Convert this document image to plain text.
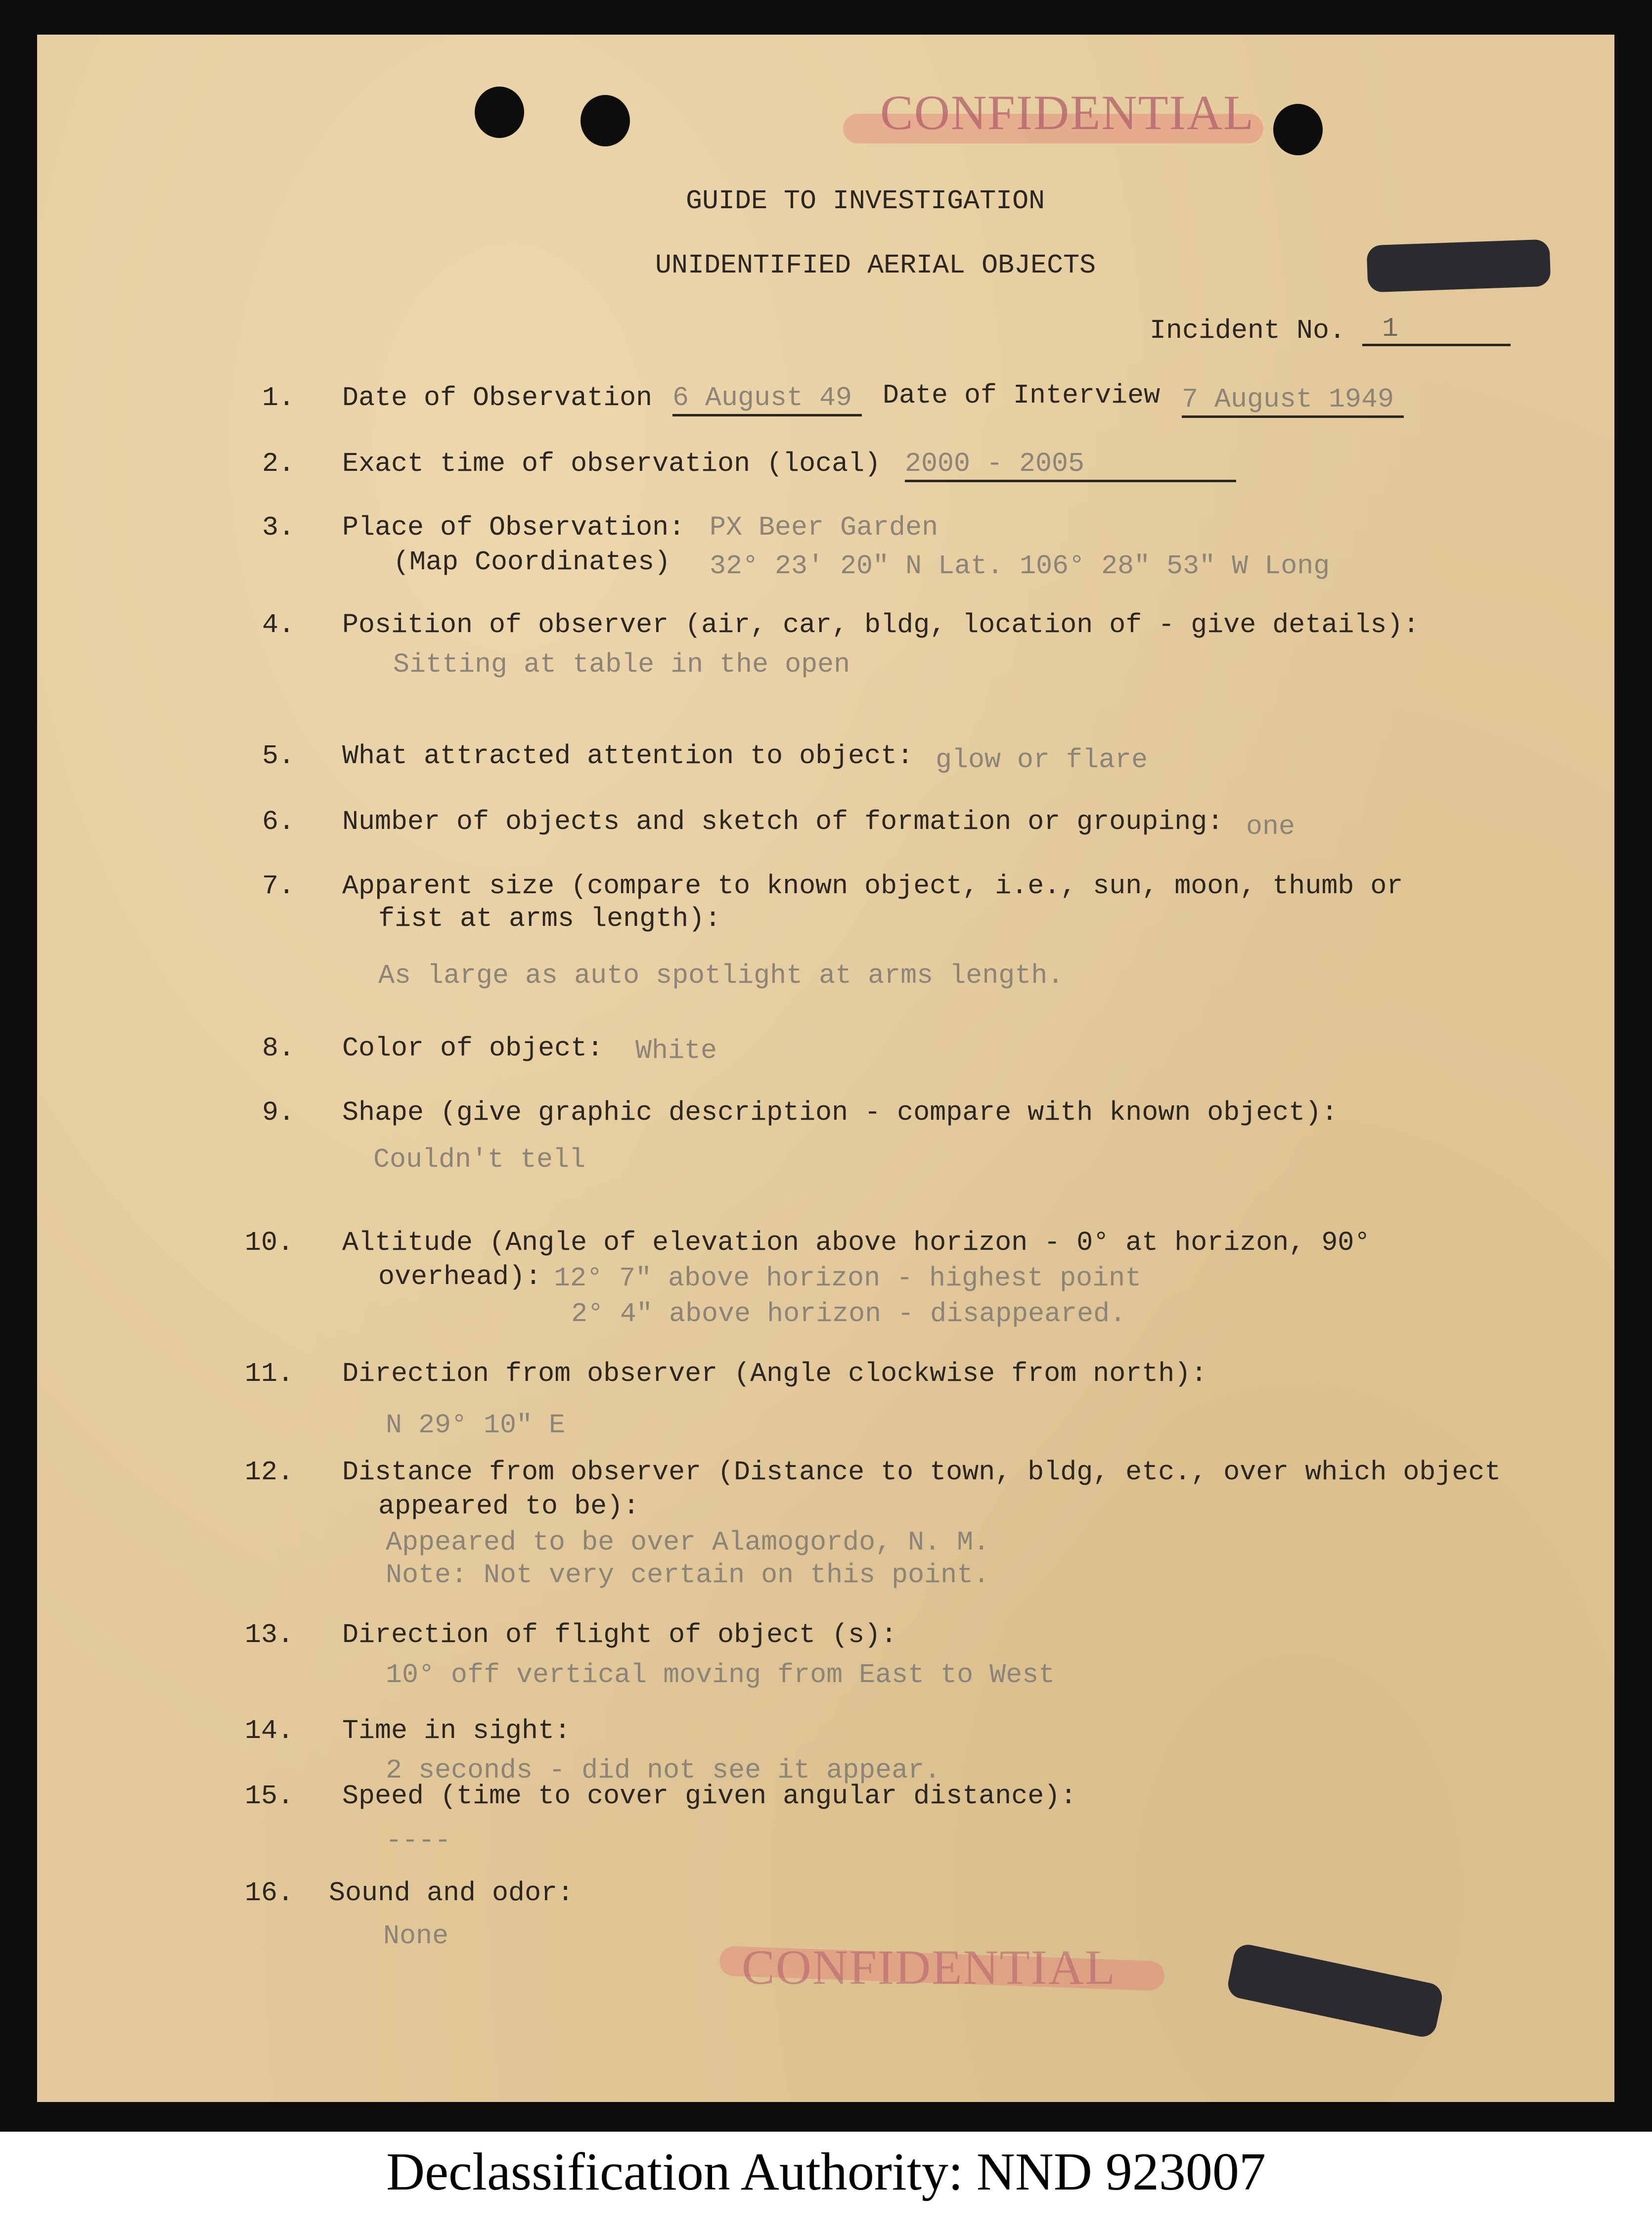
CONFIDENTIAL
GUIDE TO INVESTIGATION
UNIDENTIFIED AERIAL OBJECTS
Incident No.	1
1. Date of Observation 6 August 49	Date of Interview 7 August 1949
2. Exact time of observation (local) 2000 - 2005
3. Place of Observation: PX Beer Garden
(Map Coordinates) 32° 23' 20" N Lat. 106° 28" 53" W Long
4. Position of observer (air, car, bldg, location of - give details):
Sitting at table in the open
5. What attracted attention to object: glow or flare
6. Number of objects and sketch of formation or grouping: one
7. Apparent size (compare to known object, i.e., sun, moon, thumb or
fist at arms length):
As large as auto spotlight at arms length.
8. Color of object: White
9. Shape (give graphic description - compare with known object):
Couldn't tell
10. Altitude (Angle of elevation above horizon - 0° at horizon, 90°
overhead): 12° 7" above horizon - highest point
2° 4" above horizon - disappeared.
11. Direction from observer (Angle clockwise from north):
N 29° 10" E
12. Distance from observer (Distance to town, bldg, etc., over which object
appeared to be):
Appeared to be over Alamogordo, N. M.
Note: Not very certain on this point.
13. Direction of flight of object (s):
10° off vertical moving from East to West
14. Time in sight:
2 seconds - did not see it appear.
15. Speed (time to cover given angular distance):
----
16. Sound and odor:
None
CONFIDENTIAL
Declassification Authority: NND 923007
